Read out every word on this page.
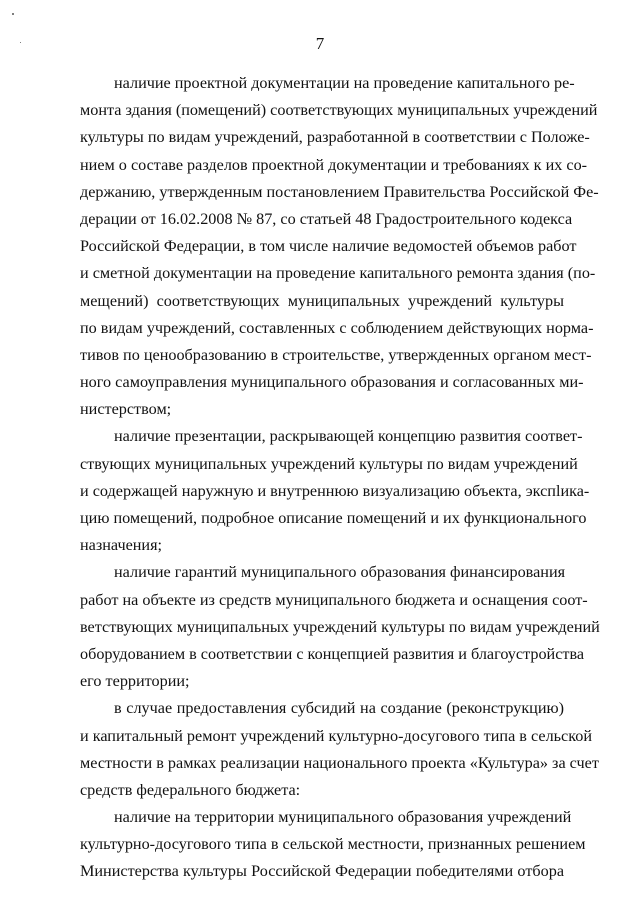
7
наличие проектной документации на проведение капитального ре-
монта здания (помещений) соответствующих муниципальных учреждений
культуры по видам учреждений, разработанной в соответствии с Положе-
нием о составе разделов проектной документации и требованиях к их со-
держанию, утвержденным постановлением Правительства Российской Фе-
дерации от 16.02.2008 № 87, со статьей 48 Градостроительного кодекса
Российской Федерации, в том числе наличие ведомостей объемов работ
и сметной документации на проведение капитального ремонта здания (по-
мещений) соответствующих муниципальных учреждений культуры
по видам учреждений, составленных с соблюдением действующих норма-
тивов по ценообразованию в строительстве, утвержденных органом мест-
ного самоуправления муниципального образования и согласованных ми-
нистерством;
наличие презентации, раскрывающей концепцию развития соответ-
ствующих муниципальных учреждений культуры по видам учреждений
и содержащей наружную и внутреннюю визуализацию объекта, экспlика-
цию помещений, подробное описание помещений и их функционального
назначения;
наличие гарантий муниципального образования финансирования
работ на объекте из средств муниципального бюджета и оснащения соот-
ветствующих муниципальных учреждений культуры по видам учреждений
оборудованием в соответствии с концепцией развития и благоустройства
его территории;
в случае предоставления субсидий на создание (реконструкцию)
и капитальный ремонт учреждений культурно-досугового типа в сельской
местности в рамках реализации национального проекта «Культура» за счет
средств федерального бюджета:
наличие на территории муниципального образования учреждений
культурно-досугового типа в сельской местности, признанных решением
Министерства культуры Российской Федерации победителями отбора
